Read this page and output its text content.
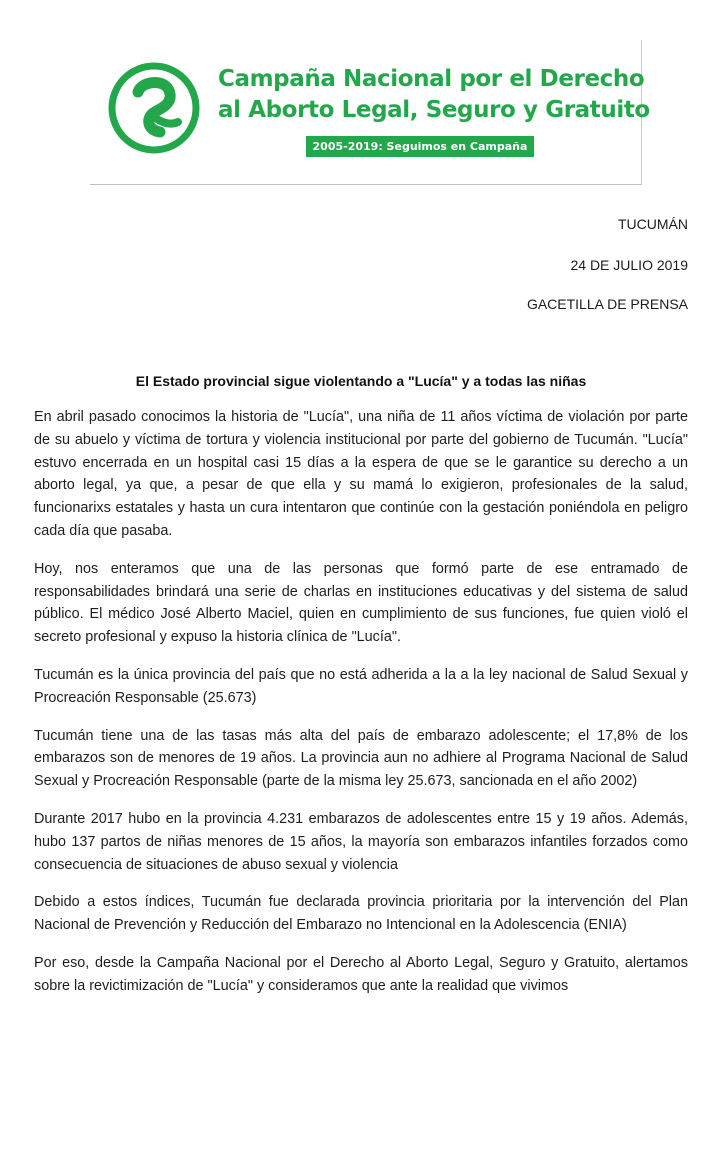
Campaña Nacional por el Derecho
al Aborto Legal, Seguro y Gratuito
2005-2019: Seguimos en Campaña
TUCUMÁN
24 DE JULIO 2019
GACETILLA DE PRENSA
El Estado provincial sigue violentando a "Lucía" y a todas las niñas

En abril pasado conocimos la historia de "Lucía", una niña de 11 años víctima de violación por parte de su abuelo y víctima de tortura y violencia institucional por parte del gobierno de Tucumán. "Lucía" estuvo encerrada en un hospital casi 15 días a la espera de que se le garantice su derecho a un aborto legal, ya que, a pesar de que ella y su mamá lo exigieron, profesionales de la salud, funcionarixs estatales y hasta un cura intentaron que continúe con la gestación poniéndola en peligro cada día que pasaba.

Hoy, nos enteramos que una de las personas que formó parte de ese entramado de responsabilidades brindará una serie de charlas en instituciones educativas y del sistema de salud público. El médico José Alberto Maciel, quien en cumplimiento de sus funciones, fue quien violó el secreto profesional y expuso la historia clínica de "Lucía".

Tucumán es la única provincia del país que no está adherida a la a la ley nacional de Salud Sexual y Procreación Responsable (25.673)

Tucumán tiene una de las tasas más alta del país de embarazo adolescente; el 17,8% de los embarazos son de menores de 19 años. La provincia aun no adhiere al Programa Nacional de Salud Sexual y Procreación Responsable (parte de la misma ley 25.673, sancionada en el año 2002)

Durante 2017 hubo en la provincia 4.231 embarazos de adolescentes entre 15 y 19 años. Además, hubo 137 partos de niñas menores de 15 años, la mayoría son embarazos infantiles forzados como consecuencia de situaciones de abuso sexual y violencia

Debido a estos índices, Tucumán fue declarada provincia prioritaria por la intervención del Plan Nacional de Prevención y Reducción del Embarazo no Intencional en la Adolescencia (ENIA)

Por eso, desde la Campaña Nacional por el Derecho al Aborto Legal, Seguro y Gratuito, alertamos sobre la revictimización de "Lucía" y consideramos que ante la realidad que vivimos
